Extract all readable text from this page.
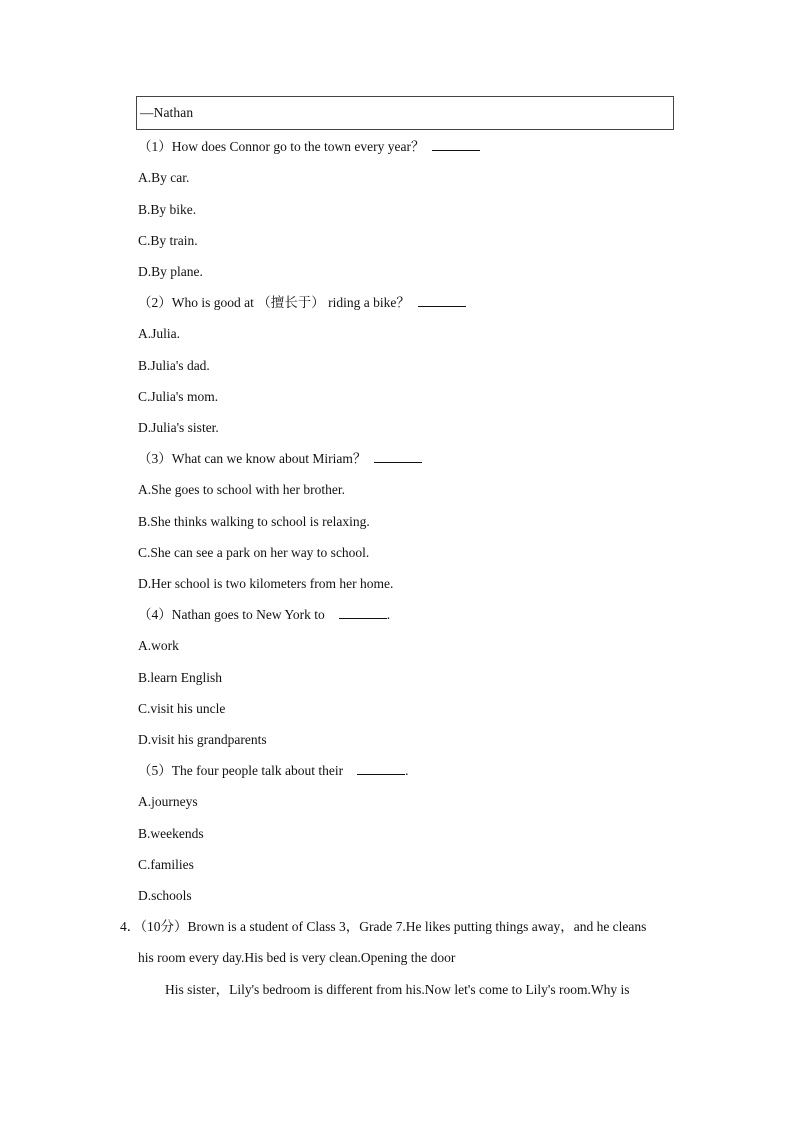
—Nathan
（1）How does Connor go to the town every year？
A.By car.
B.By bike.
C.By train.
D.By plane.
（2）Who is good at （擅长于） riding a bike？
A.Julia.
B.Julia's dad.
C.Julia's mom.
D.Julia's sister.
（3）What can we know about Miriam？
A.She goes to school with her brother.
B.She thinks walking to school is relaxing.
C.She can see a park on her way to school.
D.Her school is two kilometers from her home.
（4）Nathan goes to New York to	.
A.work
B.learn English
C.visit his uncle
D.visit his grandparents
（5）The four people talk about their	.
A.journeys
B.weekends
C.families
D.schools
4．（10分）Brown is a student of Class 3，Grade 7.He likes putting things away，and he cleans
his room every day.His bed is very clean.Opening the door
His sister，Lily's bedroom is different from his.Now let's come to Lily's room.Why is
